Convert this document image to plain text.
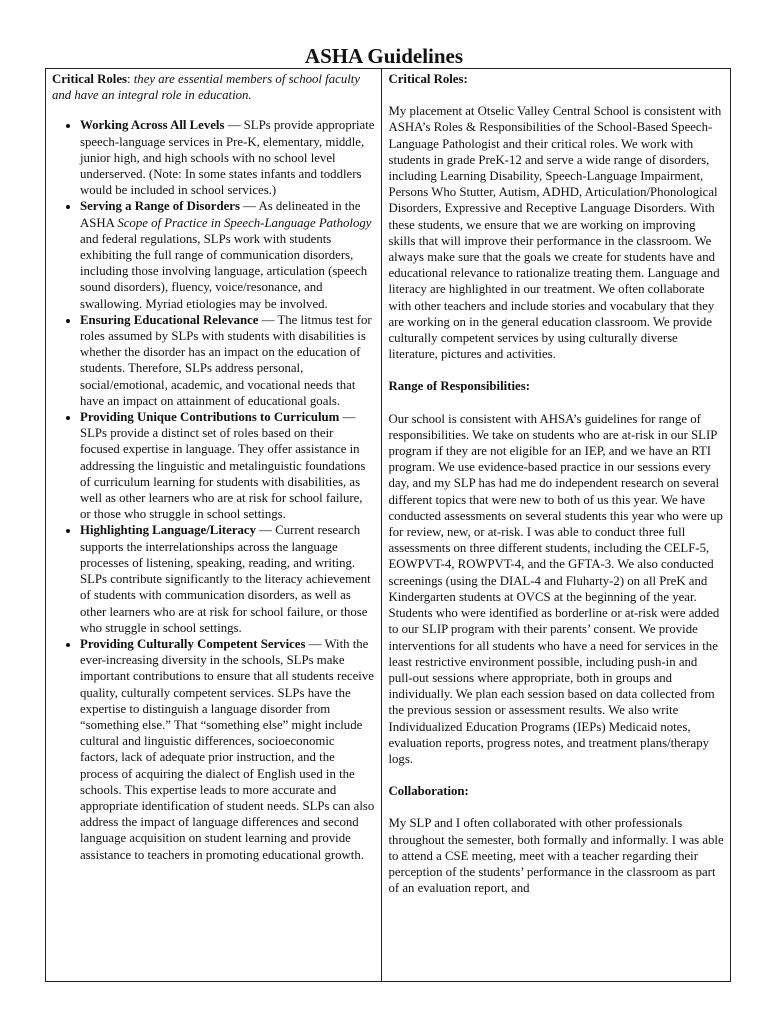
ASHA Guidelines
Critical Roles: they are essential members of school faculty and have an integral role in education.
• Working Across All Levels — SLPs provide appropriate speech-language services in Pre-K, elementary, middle, junior high, and high schools with no school level underserved. (Note: In some states infants and toddlers would be included in school services.)
• Serving a Range of Disorders — As delineated in the ASHA Scope of Practice in Speech-Language Pathology and federal regulations, SLPs work with students exhibiting the full range of communication disorders, including those involving language, articulation (speech sound disorders), fluency, voice/resonance, and swallowing. Myriad etiologies may be involved.
• Ensuring Educational Relevance — The litmus test for roles assumed by SLPs with students with disabilities is whether the disorder has an impact on the education of students. Therefore, SLPs address personal, social/emotional, academic, and vocational needs that have an impact on attainment of educational goals.
• Providing Unique Contributions to Curriculum — SLPs provide a distinct set of roles based on their focused expertise in language. They offer assistance in addressing the linguistic and metalinguistic foundations of curriculum learning for students with disabilities, as well as other learners who are at risk for school failure, or those who struggle in school settings.
• Highlighting Language/Literacy — Current research supports the interrelationships across the language processes of listening, speaking, reading, and writing. SLPs contribute significantly to the literacy achievement of students with communication disorders, as well as other learners who are at risk for school failure, or those who struggle in school settings.
• Providing Culturally Competent Services — With the ever-increasing diversity in the schools, SLPs make important contributions to ensure that all students receive quality, culturally competent services. SLPs have the expertise to distinguish a language disorder from “something else.” That “something else” might include cultural and linguistic differences, socioeconomic factors, lack of adequate prior instruction, and the process of acquiring the dialect of English used in the schools. This expertise leads to more accurate and appropriate identification of student needs. SLPs can also address the impact of language differences and second language acquisition on student learning and provide assistance to teachers in promoting educational growth.

Critical Roles:

My placement at Otselic Valley Central School is consistent with ASHA’s Roles & Responsibilities of the School-Based Speech-Language Pathologist and their critical roles. We work with students in grade PreK-12 and serve a wide range of disorders, including Learning Disability, Speech-Language Impairment, Persons Who Stutter, Autism, ADHD, Articulation/Phonological Disorders, Expressive and Receptive Language Disorders. With these students, we ensure that we are working on improving skills that will improve their performance in the classroom. We always make sure that the goals we create for students have and educational relevance to rationalize treating them. Language and literacy are highlighted in our treatment. We often collaborate with other teachers and include stories and vocabulary that they are working on in the general education classroom. We provide culturally competent services by using culturally diverse literature, pictures and activities.

Range of Responsibilities:

Our school is consistent with AHSA’s guidelines for range of responsibilities. We take on students who are at-risk in our SLIP program if they are not eligible for an IEP, and we have an RTI program. We use evidence-based practice in our sessions every day, and my SLP has had me do independent research on several different topics that were new to both of us this year. We have conducted assessments on several students this year who were up for review, new, or at-risk. I was able to conduct three full assessments on three different students, including the CELF-5, EOWPVT-4, ROWPVT-4, and the GFTA-3. We also conducted screenings (using the DIAL-4 and Fluharty-2) on all PreK and Kindergarten students at OVCS at the beginning of the year. Students who were identified as borderline or at-risk were added to our SLIP program with their parents’ consent. We provide interventions for all students who have a need for services in the least restrictive environment possible, including push-in and pull-out sessions where appropriate, both in groups and individually. We plan each session based on data collected from the previous session or assessment results. We also write Individualized Education Programs (IEPs) Medicaid notes, evaluation reports, progress notes, and treatment plans/therapy logs.

Collaboration:

My SLP and I often collaborated with other professionals throughout the semester, both formally and informally. I was able to attend a CSE meeting, meet with a teacher regarding their perception of the students’ performance in the classroom as part of an evaluation report, and
